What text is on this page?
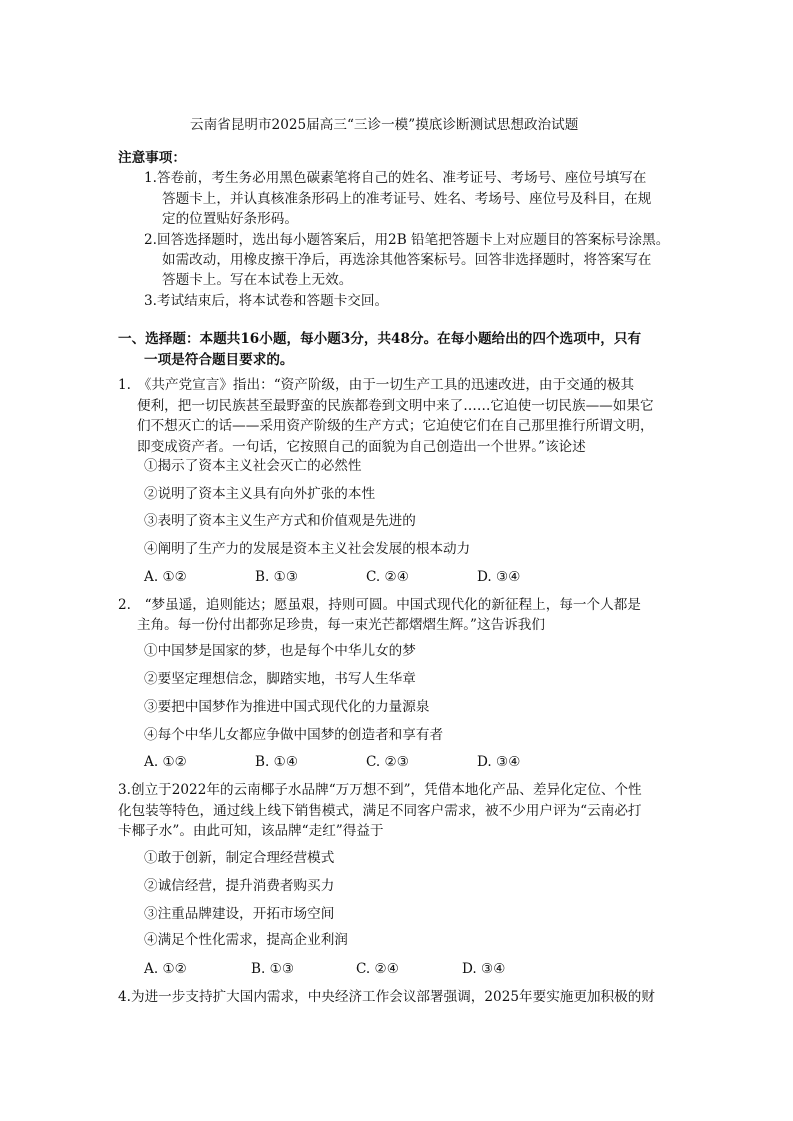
云南省昆明市2025届高三“三诊一模”摸底诊断测试思想政治试题
注意事项：
1.答卷前，考生务必用黑色碳素笔将自己的姓名、准考证号、考场号、座位号填写在
答题卡上，并认真核准条形码上的准考证号、姓名、考场号、座位号及科目，在规
定的位置贴好条形码。
2.回答选择题时，选出每小题答案后，用2B 铅笔把答题卡上对应题目的答案标号涂黑。
如需改动，用橡皮擦干净后，再选涂其他答案标号。回答非选择题时，将答案写在
答题卡上。写在本试卷上无效。
3.考试结束后，将本试卷和答题卡交回。
一、选择题：本题共16小题，每小题3分，共48分。在每小题给出的四个选项中，只有
一项是符合题目要求的。
1.　《共产党宣言》指出：“资产阶级，由于一切生产工具的迅速改进，由于交通的极其
便利，把一切民族甚至最野蛮的民族都卷到文明中来了……它迫使一切民族——如果它
们不想灭亡的话——采用资产阶级的生产方式；它迫使它们在自己那里推行所谓文明，
即变成资产者。一句话，它按照自己的面貌为自己创造出一个世界。”该论述
①揭示了资本主义社会灭亡的必然性
②说明了资本主义具有向外扩张的本性
③表明了资本主义生产方式和价值观是先进的
④阐明了生产力的发展是资本主义社会发展的根本动力
A. ①②	B. ①③	C. ②④	D. ③④
2.　“梦虽遥，追则能达；愿虽艰，持则可圆。中国式现代化的新征程上，每一个人都是
主角。每一份付出都弥足珍贵，每一束光芒都熠熠生辉。”这告诉我们
①中国梦是国家的梦，也是每个中华儿女的梦
②要坚定理想信念，脚踏实地，书写人生华章
③要把中国梦作为推进中国式现代化的力量源泉
④每个中华儿女都应争做中国梦的创造者和享有者
A. ①②	B. ①④	C. ②③	D. ③④
3.创立于2022年的云南椰子水品牌“万万想不到”，凭借本地化产品、差异化定位、个性
化包装等特色，通过线上线下销售模式，满足不同客户需求，被不少用户评为“云南必打
卡椰子水”。由此可知，该品牌“走红”得益于
①敢于创新，制定合理经营模式
②诚信经营，提升消费者购买力
③注重品牌建设，开拓市场空间
④满足个性化需求，提高企业利润
A. ①②	B. ①③	C. ②④	D. ③④
4.为进一步支持扩大国内需求，中央经济工作会议部署强调，2025年要实施更加积极的财
